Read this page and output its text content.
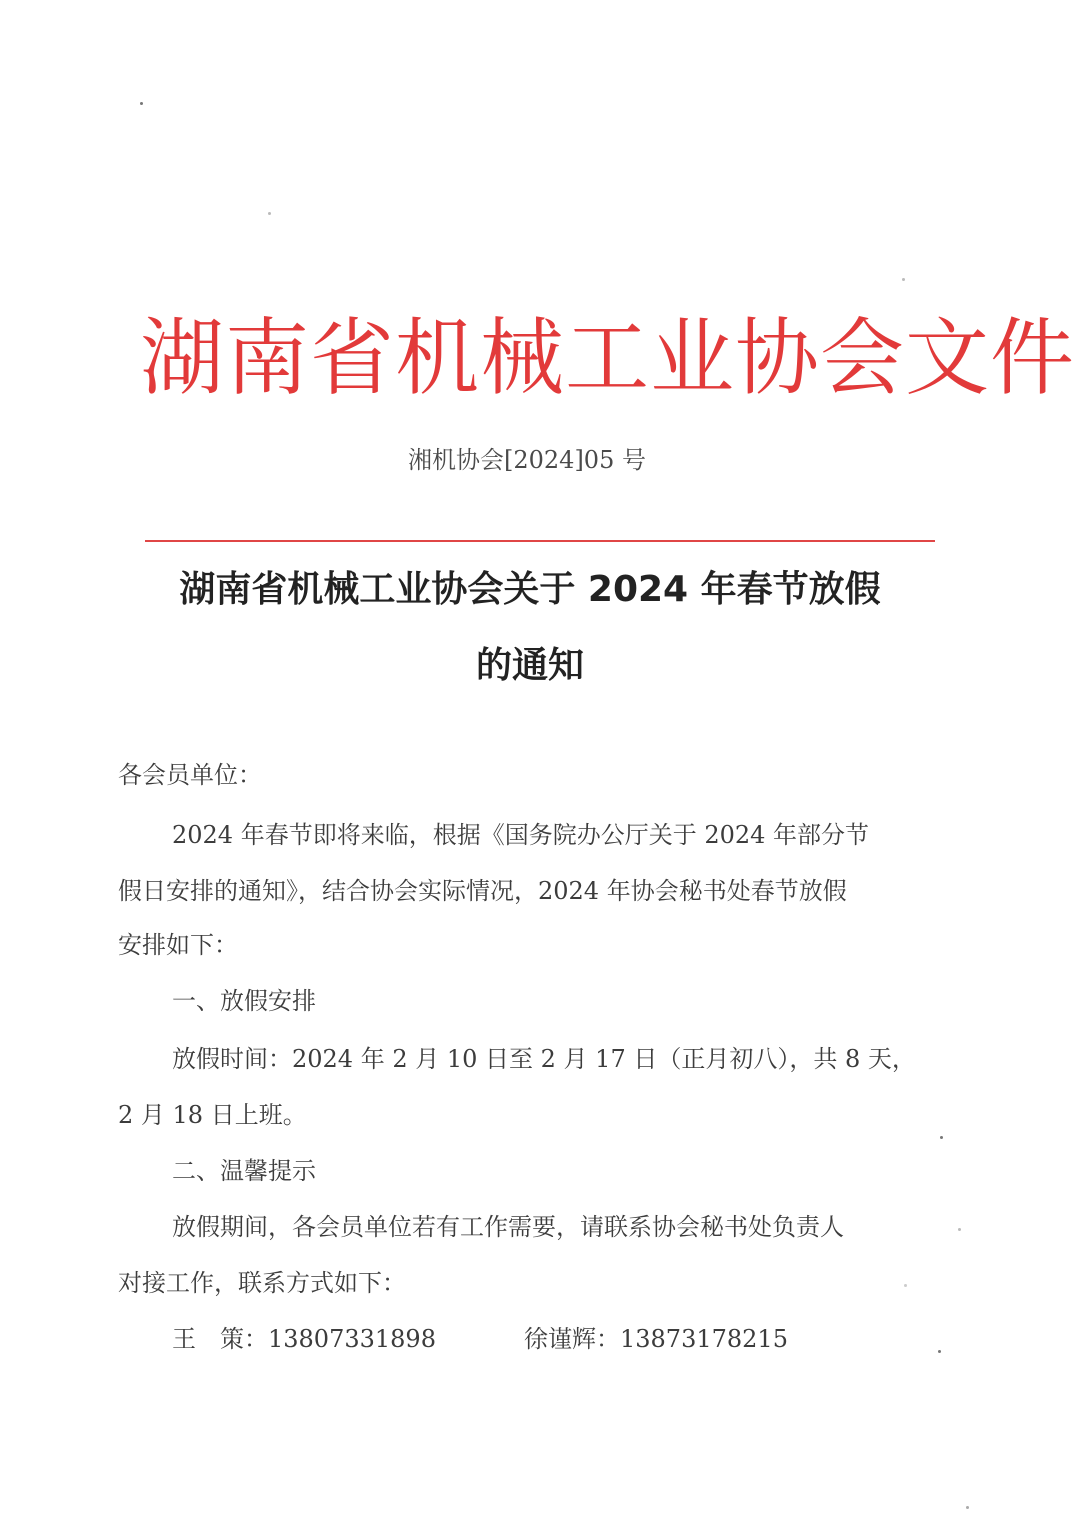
湖南省机械工业协会文件
湘机协会[2024]05 号
湖南省机械工业协会关于 2024 年春节放假
的通知
各会员单位：
2024 年春节即将来临，根据《国务院办公厅关于 2024 年部分节
假日安排的通知》，结合协会实际情况，2024 年协会秘书处春节放假
安排如下：
一、放假安排
放假时间：2024 年 2 月 10 日至 2 月 17 日（正月初八），共 8 天，
2 月 18 日上班。
二、温馨提示
放假期间，各会员单位若有工作需要，请联系协会秘书处负责人
对接工作，联系方式如下：
王　策：13807331898	徐谨辉：13873178215
